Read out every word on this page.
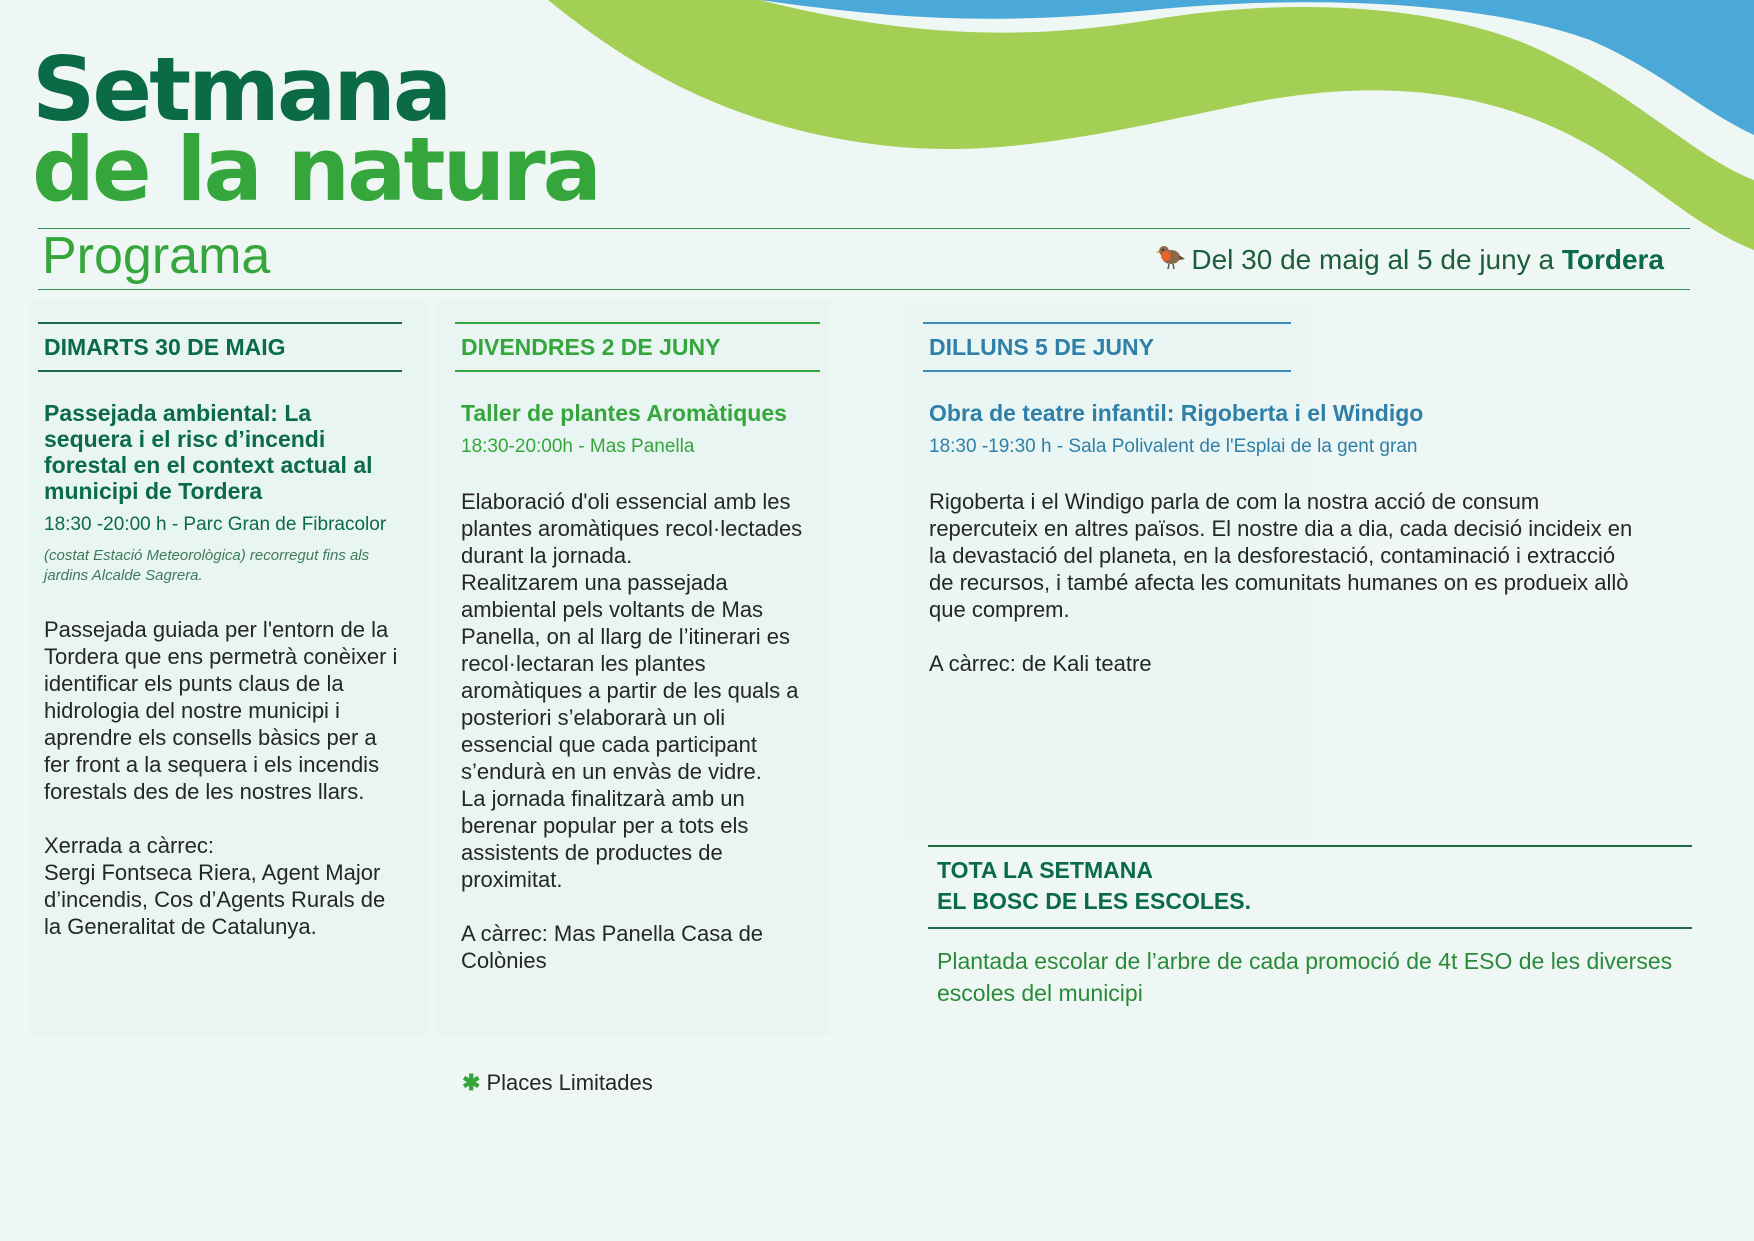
Setmana
de la natura
Programa	Del 30 de maig al 5 de juny a Tordera
DIMARTS 30 DE MAIG
Passejada ambiental: La sequera i el risc d’incendi forestal en el context actual al municipi de Tordera
18:30 -20:00 h - Parc Gran de Fibracolor
(costat Estació Meteorològica) recorregut fins als jardins Alcalde Sagrera.
Passejada guiada per l'entorn de la Tordera que ens permetrà conèixer i identificar els punts claus de la hidrologia del nostre municipi i aprendre els consells bàsics per a fer front a la sequera i els incendis forestals des de les nostres llars.
Xerrada a càrrec:
Sergi Fontseca Riera, Agent Major d’incendis, Cos d’Agents Rurals de la Generalitat de Catalunya.
DIVENDRES 2 DE JUNY
Taller de plantes Aromàtiques
18:30-20:00h - Mas Panella
Elaboració d'oli essencial amb les plantes aromàtiques recol·lectades durant la jornada.
Realitzarem una passejada ambiental pels voltants de Mas Panella, on al llarg de l’itinerari es recol·lectaran les plantes aromàtiques a partir de les quals a posteriori s’elaborarà un oli essencial que cada participant s’endurà en un envàs de vidre.
La jornada finalitzarà amb un berenar popular per a tots els assistents de productes de proximitat.
A càrrec: Mas Panella Casa de Colònies
DILLUNS 5 DE JUNY
Obra de teatre infantil: Rigoberta i el Windigo
18:30 -19:30 h - Sala Polivalent de l'Esplai de la gent gran
Rigoberta i el Windigo parla de com la nostra acció de consum repercuteix en altres països. El nostre dia a dia, cada decisió incideix en la devastació del planeta, en la desforestació, contaminació i extracció de recursos, i també afecta les comunitats humanes on es produeix allò que comprem.
A càrrec: de Kali teatre
✱ Places Limitades
TOTA LA SETMANA
EL BOSC DE LES ESCOLES.
Plantada escolar de l’arbre de cada promoció de 4t ESO de les diverses escoles del municipi
